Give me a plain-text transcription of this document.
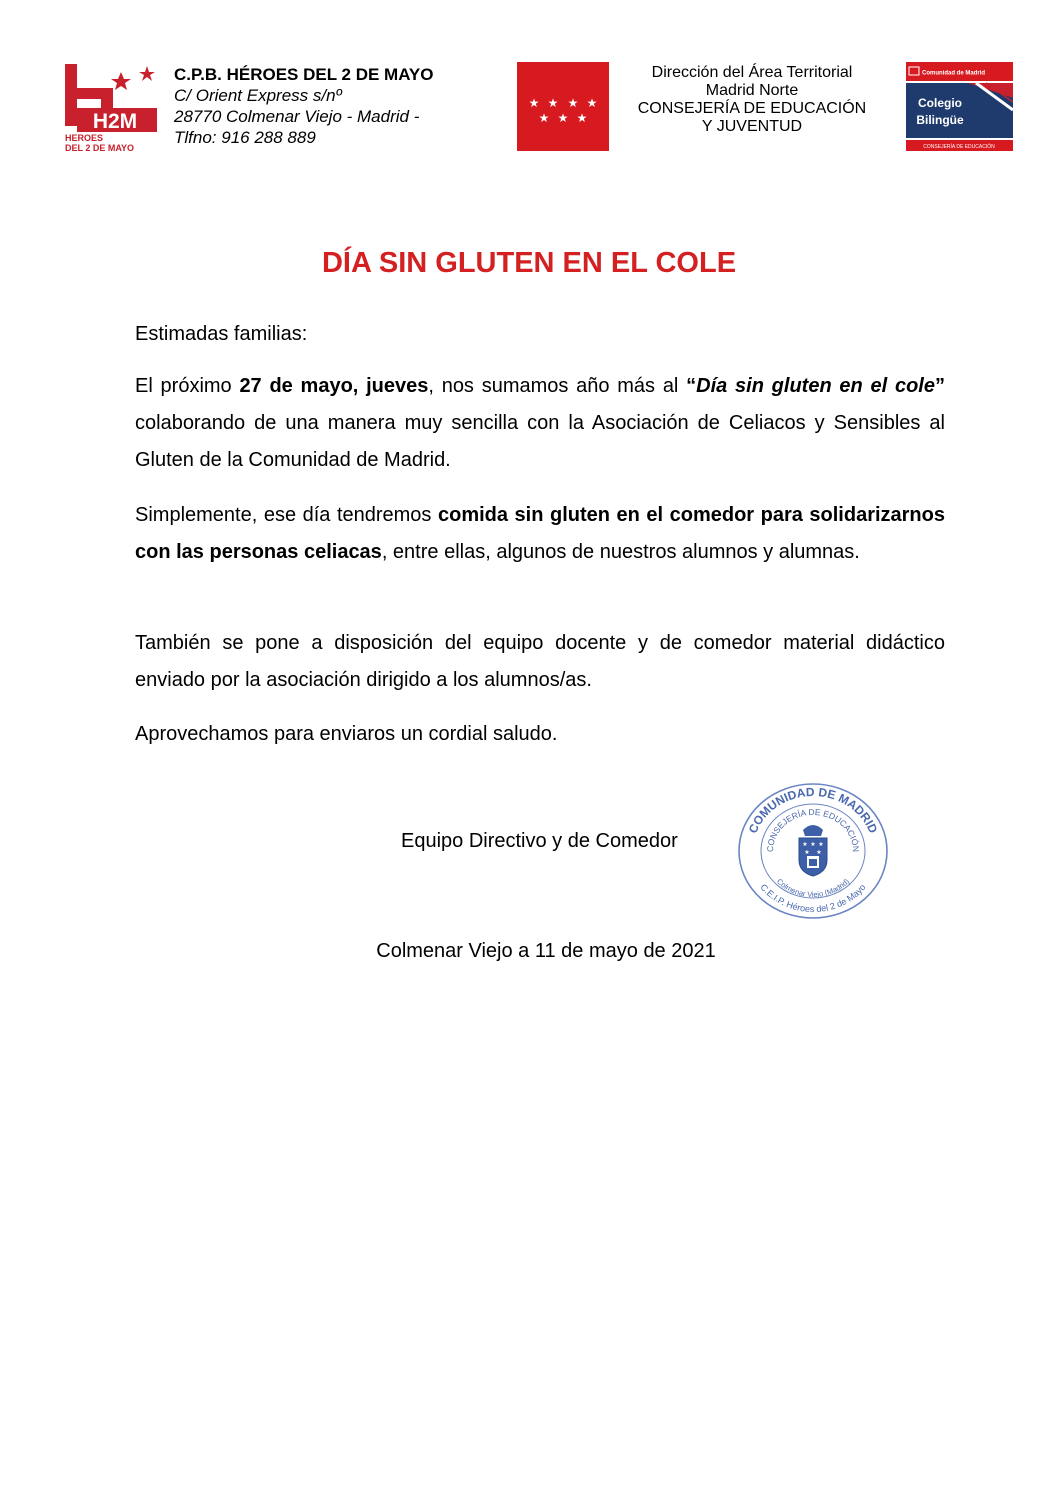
H2M
HEROES
DEL 2 DE MAYO
C.P.B. HÉROES DEL 2 DE MAYO
C/ Orient Express s/nº
28770 Colmenar Viejo - Madrid -
Tlfno: 916 288 889
★ ★ ★ ★
★ ★ ★
Dirección del Área Territorial
Madrid Norte
CONSEJERÍA DE EDUCACIÓN
Y JUVENTUD
Comunidad de Madrid
Colegio
Bilingüe
CONSEJERÍA DE EDUCACIÓN
DÍA SIN GLUTEN EN EL COLE
Estimadas familias:
El próximo 27 de mayo, jueves, nos sumamos año más al “Día sin gluten en el cole” colaborando de una manera muy sencilla con la Asociación de Celiacos y Sensibles al Gluten de la Comunidad de Madrid.
Simplemente, ese día tendremos comida sin gluten en el comedor para solidarizarnos con las personas celiacas, entre ellas, algunos de nuestros alumnos y alumnas.
También se pone a disposición del equipo docente y de comedor material didáctico enviado por la asociación dirigido a los alumnos/as.
Aprovechamos para enviaros un cordial saludo.
Equipo Directivo y de Comedor
COMUNIDAD DE MADRID
CONSEJERÍA DE EDUCACIÓN
C.E.I.P. Héroes del 2 de Mayo
Colmenar Viejo (Madrid)
★ ★ ★
★ ★
Colmenar Viejo a 11 de mayo de 2021
